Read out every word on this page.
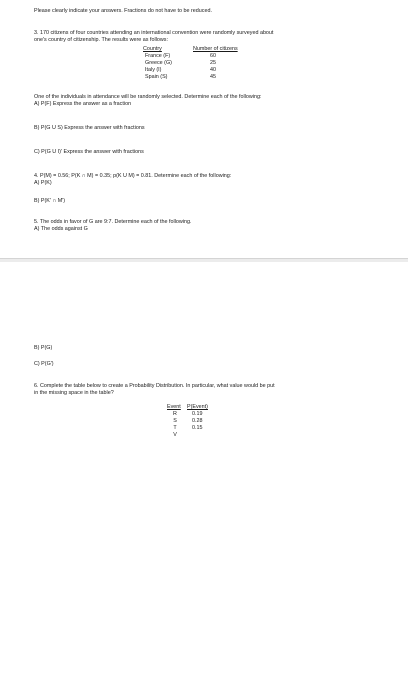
Please clearly indicate your answers. Fractions do not have to be reduced.
3. 170 citizens of four countries attending an international convention were randomly surveyed about
one's country of citizenship. The results were as follows:
Country	Number of citizens
France (F)	60
Greece (G)	25
Italy (I)	40
Spain (S)	45
One of the individuals in attendance will be randomly selected. Determine each of the following:
A) P(F) Express the answer as a fraction
B) P(G U S) Express the answer with fractions
C) P(G U I)' Express the answer with fractions
4. P(M) = 0.56; P(K ∩ M) = 0.35; p(K U M) = 0.81. Determine each of the following:
A) P(K)
B) P(K' ∩ M')
5. The odds in favor of G are 9:7. Determine each of the following.
A) The odds against G
B) P(G)
C) P(G')
6. Complete the table below to create a Probability Distribution. In particular, what value would be put
in the missing space in the table?
Event P(Event)
R	0.19
S	0.28
T	0.15
V
